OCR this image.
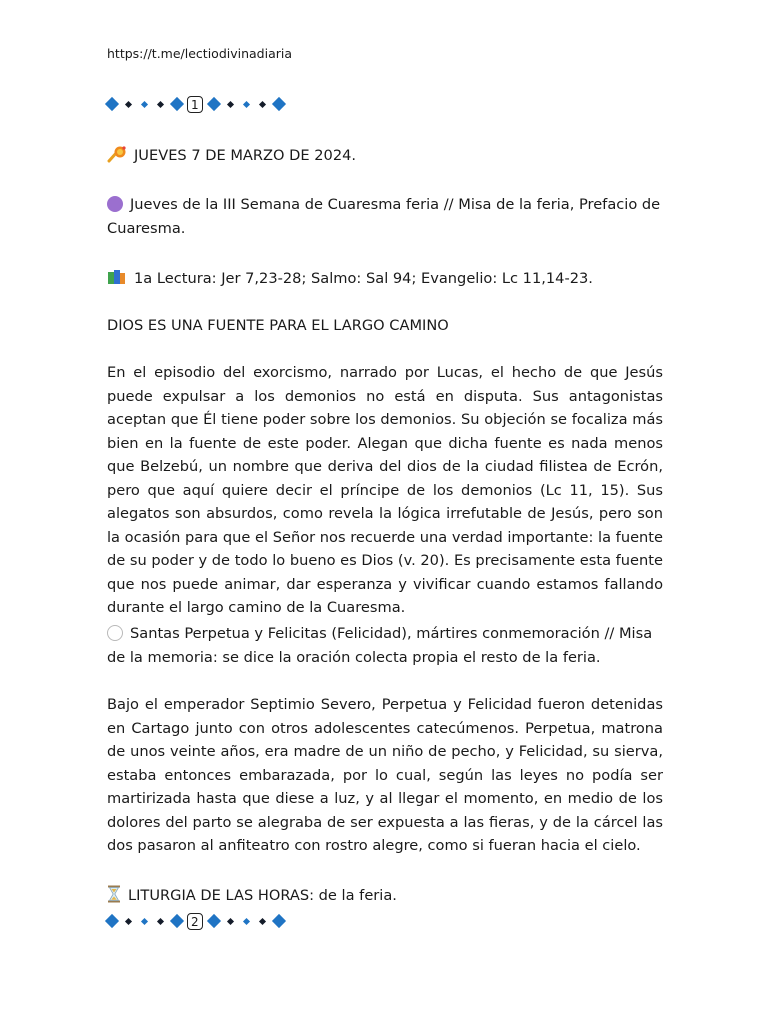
https://t.me/lectiodivinadiaria
1
JUEVES 7 DE MARZO DE 2024.
Jueves de la III Semana de Cuaresma feria // Misa de la feria, Prefacio de Cuaresma.
1a Lectura: Jer 7,23-28; Salmo: Sal 94; Evangelio: Lc 11,14-23.
DIOS ES UNA FUENTE PARA EL LARGO CAMINO
En el episodio del exorcismo, narrado por Lucas, el hecho de que Jesús puede expulsar a los demonios no está en disputa. Sus antagonistas aceptan que Él tiene poder sobre los demonios. Su objeción se focaliza más bien en la fuente de este poder. Alegan que dicha fuente es nada menos que Belzebú, un nombre que deriva del dios de la ciudad filistea de Ecrón, pero que aquí quiere decir el príncipe de los demonios (Lc 11, 15). Sus alegatos son absurdos, como revela la lógica irrefutable de Jesús, pero son la ocasión para que el Señor nos recuerde una verdad importante: la fuente de su poder y de todo lo bueno es Dios (v. 20). Es precisamente esta fuente que nos puede animar, dar esperanza y vivificar cuando estamos fallando durante el largo camino de la Cuaresma.
Santas Perpetua y Felicitas (Felicidad), mártires conmemoración // Misa de la memoria: se dice la oración colecta propia el resto de la feria.
Bajo el emperador Septimio Severo, Perpetua y Felicidad fueron detenidas en Cartago junto con otros adolescentes catecúmenos. Perpetua, matrona de unos veinte años, era madre de un niño de pecho, y Felicidad, su sierva, estaba entonces embarazada, por lo cual, según las leyes no podía ser martirizada hasta que diese a luz, y al llegar el momento, en medio de los dolores del parto se alegraba de ser expuesta a las fieras, y de la cárcel las dos pasaron al anfiteatro con rostro alegre, como si fueran hacia el cielo.
LITURGIA DE LAS HORAS: de la feria.
2
